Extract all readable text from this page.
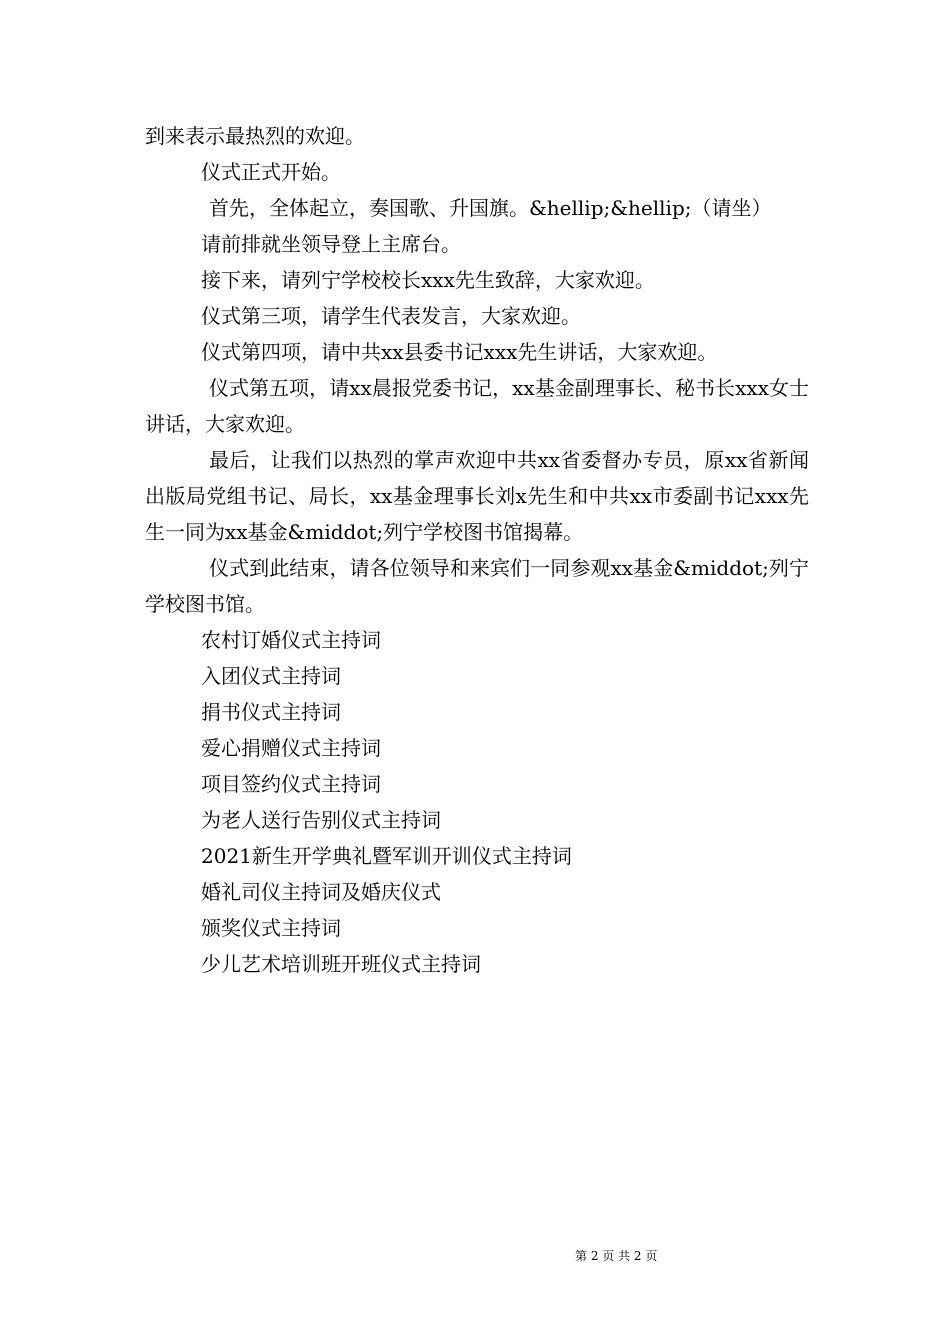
到来表示最热烈的欢迎。

仪式正式开始。

首先，全体起立，奏国歌、升国旗。&hellip;&hellip;（请坐）

请前排就坐领导登上主席台。

接下来，请列宁学校校长xxx先生致辞，大家欢迎。

仪式第三项，请学生代表发言，大家欢迎。

仪式第四项，请中共xx县委书记xxx先生讲话，大家欢迎。

仪式第五项，请xx晨报党委书记，xx基金副理事长、秘书长xxx女士讲话，大家欢迎。

最后，让我们以热烈的掌声欢迎中共xx省委督办专员，原xx省新闻出版局党组书记、局长，xx基金理事长刘x先生和中共xx市委副书记xxx先生一同为xx基金&middot;列宁学校图书馆揭幕。

仪式到此结束，请各位领导和来宾们一同参观xx基金&middot;列宁学校图书馆。

农村订婚仪式主持词
入团仪式主持词
捐书仪式主持词
爱心捐赠仪式主持词
项目签约仪式主持词
为老人送行告别仪式主持词
2021新生开学典礼暨军训开训仪式主持词
婚礼司仪主持词及婚庆仪式
颁奖仪式主持词
少儿艺术培训班开班仪式主持词
第 2 页 共 2 页
